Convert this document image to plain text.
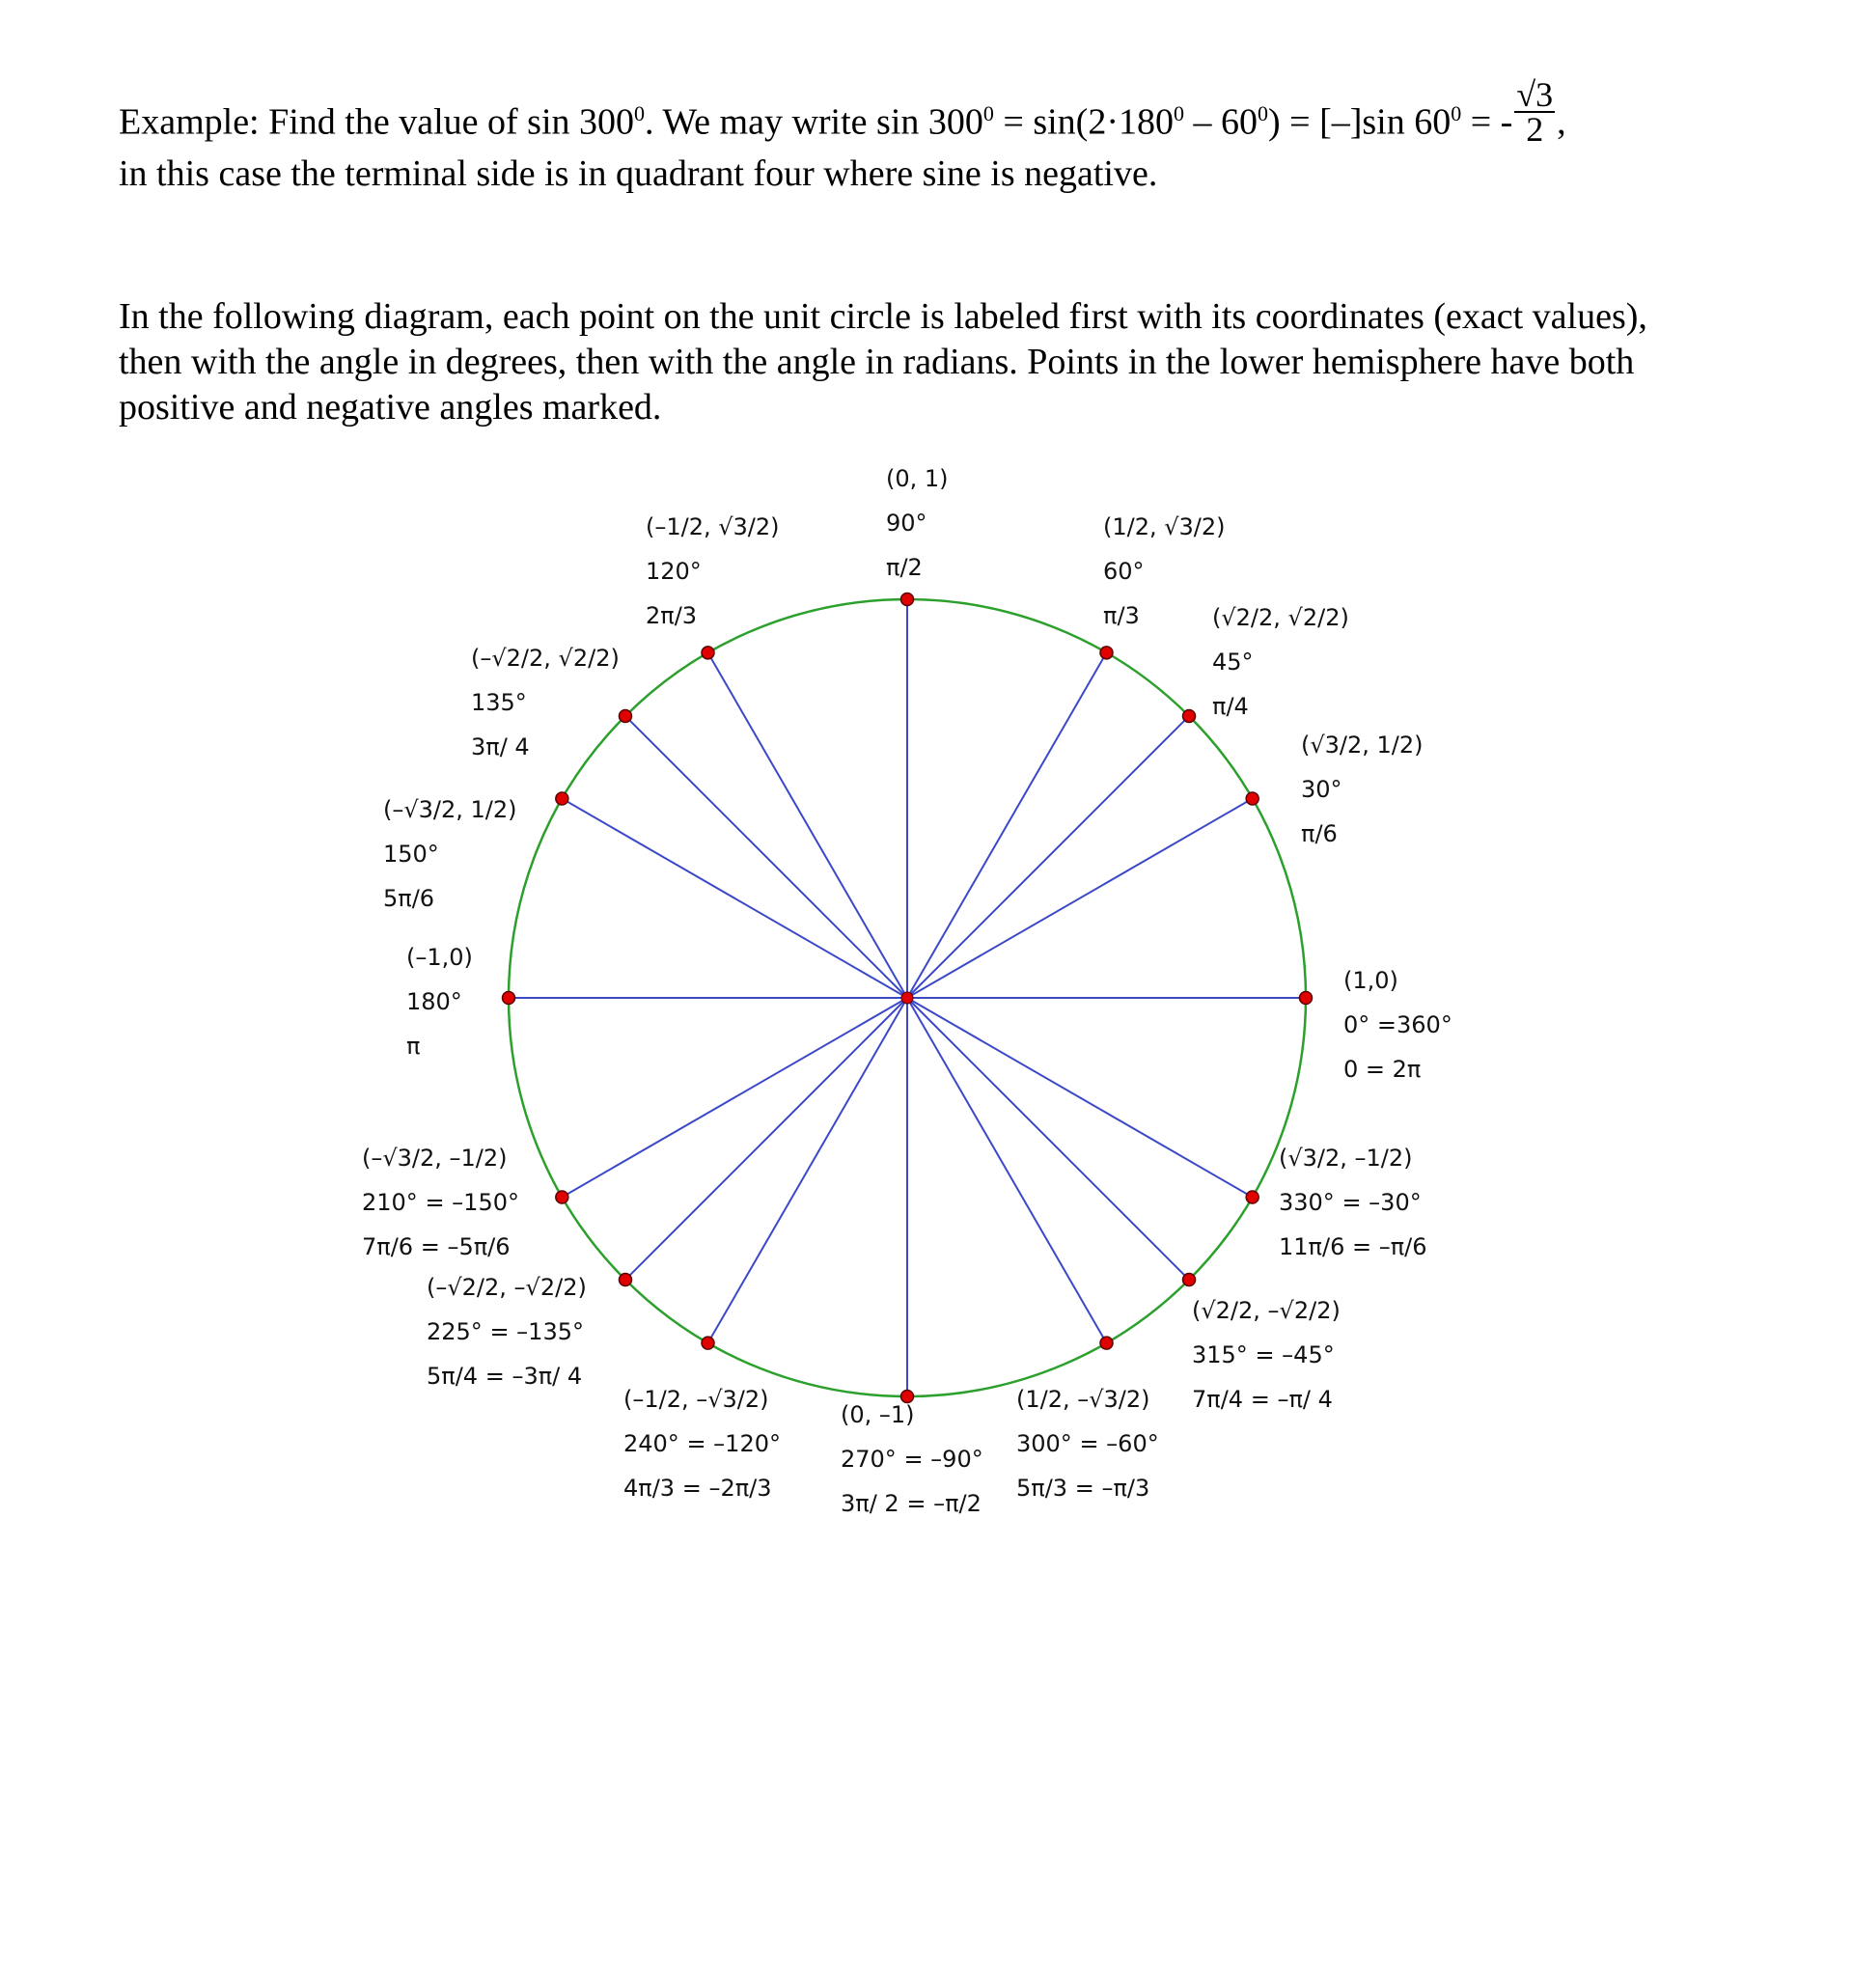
Example: Find the value of $\sin 300^0$. We may write $\sin 300^0 = \sin(2\cdot 180^0 - 60^0) = [-]\sin$ $60^0$ = - $\frac{√3}{2}$ ,
in this case the terminal side is in quadrant four where sine is negative.
In the following diagram, each point on the unit circle is labeled first with its coordinates (exact values), then with the angle in degrees, then with the angle in radians. Points in the lower hemisphere have both positive and negative angles marked.
(1,0)
0° =360°
0 = 2π
(√3/2, 1/2)
30°
π/6
(√2/2, √2/2)
45°
π/4
(1/2, √3/2)
60°
π/3
(0, 1)
90°
π/2
(–1/2, √3/2)
120°
2π/3
(–√2/2, √2/2)
135°
3π/ 4
(–√3/2, 1/2)
150°
5π/6
(–1,0)
180°
π
(–√3/2, –1/2)
210° = –150°
7π/6 = –5π/6
(–√2/2, –√2/2)
225° = –135°
5π/4 = –3π/ 4
(–1/2, –√3/2)
240° = –120°
4π/3 = –2π/3
(0, –1)
270° = –90°
3π/ 2 = –π/2
(1/2, –√3/2)
300° = –60°
5π/3 = –π/3
(√2/2, –√2/2)
315° = –45°
7π/4 = –π/ 4
(√3/2, –1/2)
330° = –30°
11π/6 = –π/6
